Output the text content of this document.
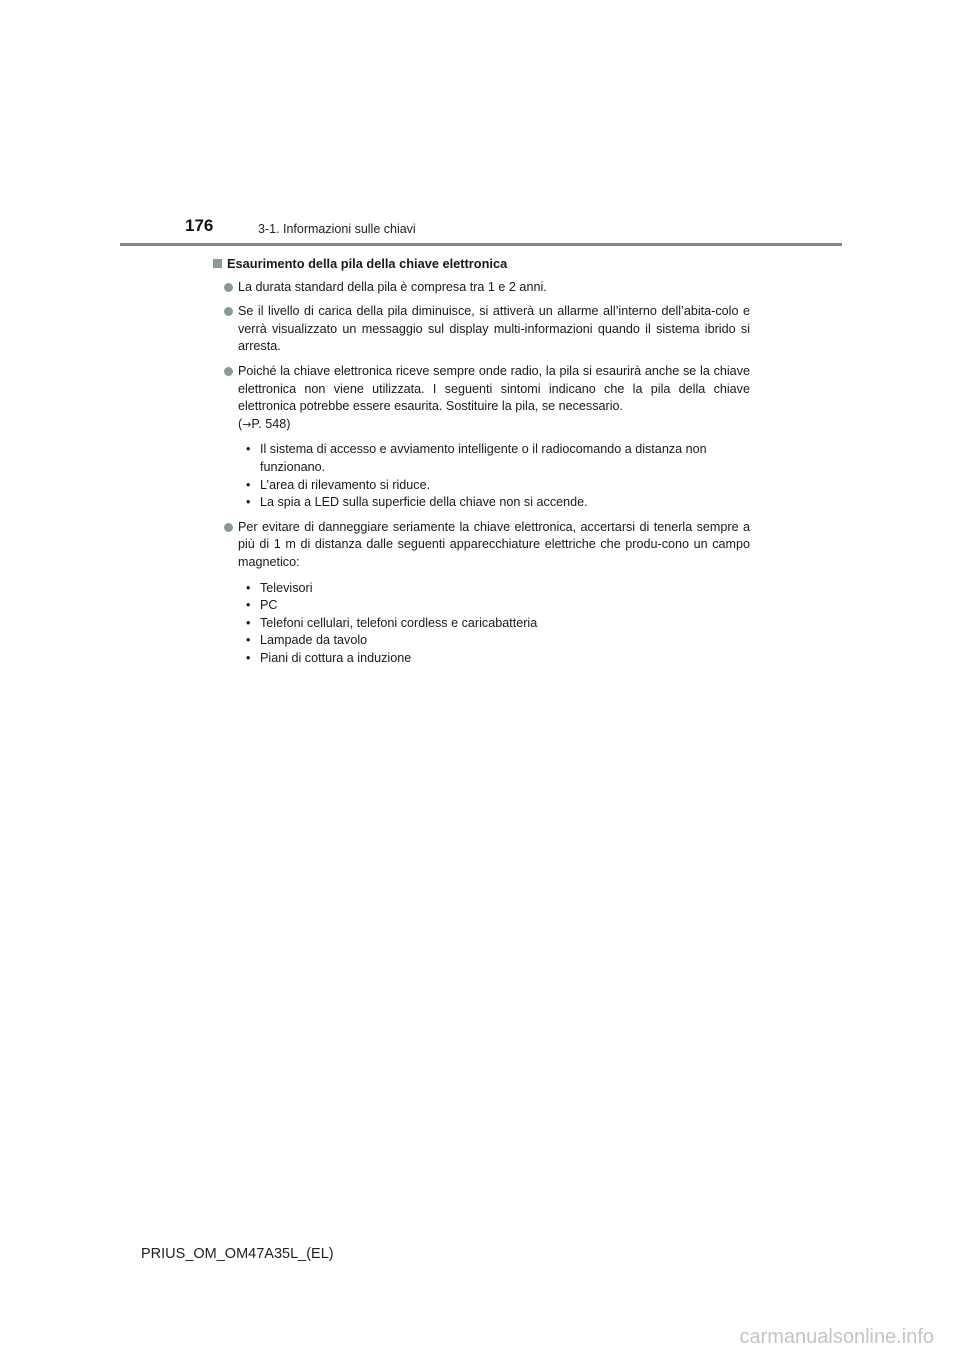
176	3-1. Informazioni sulle chiavi
Esaurimento della pila della chiave elettronica
La durata standard della pila è compresa tra 1 e 2 anni.
Se il livello di carica della pila diminuisce, si attiverà un allarme all’interno dell’abita-colo e verrà visualizzato un messaggio sul display multi-informazioni quando il sistema ibrido si arresta.
Poiché la chiave elettronica riceve sempre onde radio, la pila si esaurirà anche se la chiave elettronica non viene utilizzata. I seguenti sintomi indicano che la pila della chiave elettronica potrebbe essere esaurita. Sostituire la pila, se necessario.
(→P. 548)
• Il sistema di accesso e avviamento intelligente o il radiocomando a distanza non funzionano.
• L’area di rilevamento si riduce.
• La spia a LED sulla superficie della chiave non si accende.
Per evitare di danneggiare seriamente la chiave elettronica, accertarsi di tenerla sempre a più di 1 m di distanza dalle seguenti apparecchiature elettriche che produ-cono un campo magnetico:
• Televisori
• PC
• Telefoni cellulari, telefoni cordless e caricabatteria
• Lampade da tavolo
• Piani di cottura a induzione
PRIUS_OM_OM47A35L_(EL)
carmanualsonline.info
